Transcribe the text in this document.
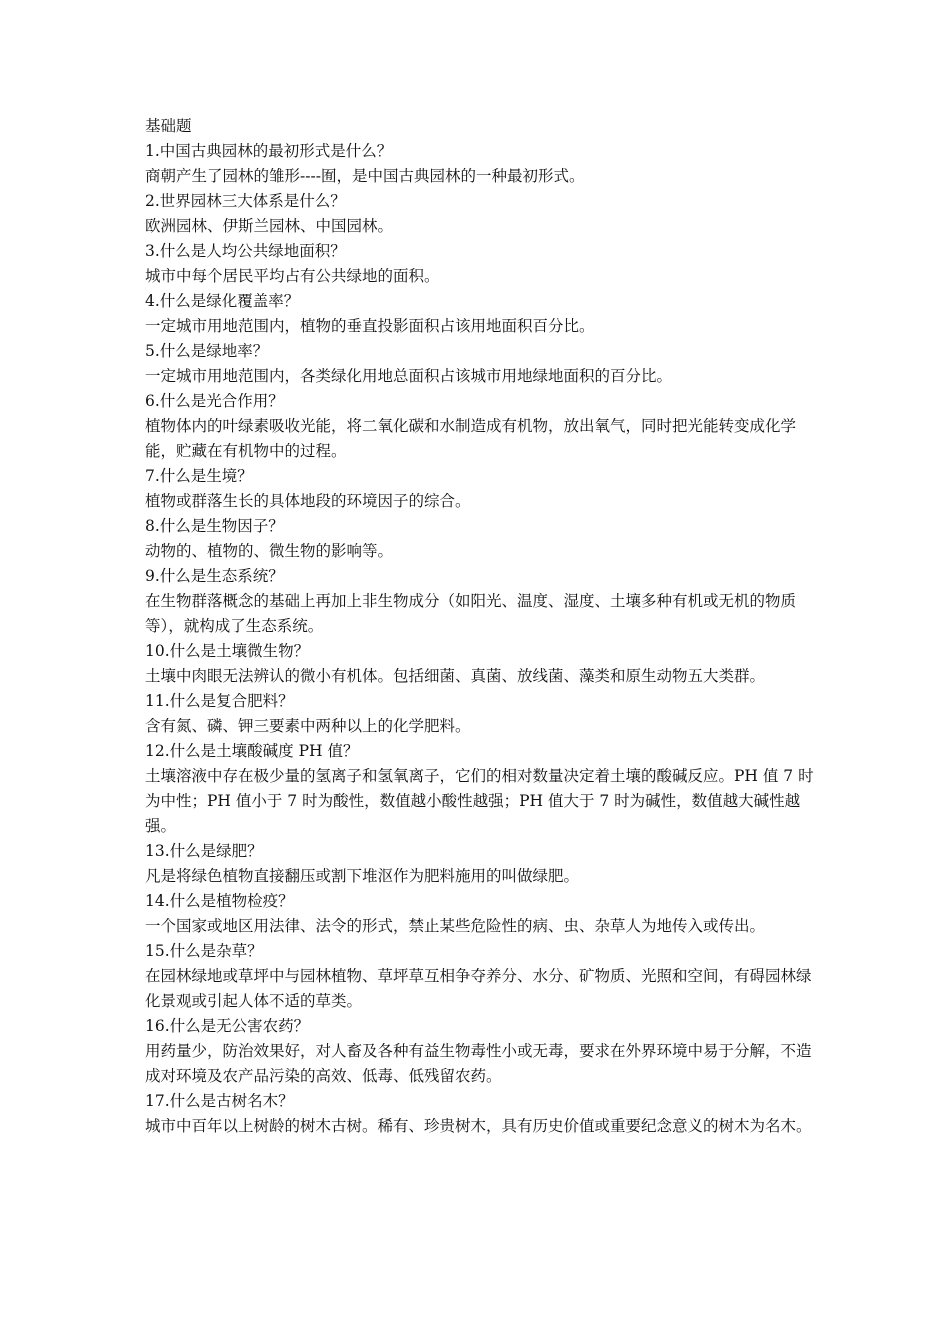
基础题
1.中国古典园林的最初形式是什么？
商朝产生了园林的雏形----囿，是中国古典园林的一种最初形式。
2.世界园林三大体系是什么？
欧洲园林、伊斯兰园林、中国园林。
3.什么是人均公共绿地面积？
城市中每个居民平均占有公共绿地的面积。
4.什么是绿化覆盖率？
一定城市用地范围内，植物的垂直投影面积占该用地面积百分比。
5.什么是绿地率？
一定城市用地范围内，各类绿化用地总面积占该城市用地绿地面积的百分比。
6.什么是光合作用？
植物体内的叶绿素吸收光能，将二氧化碳和水制造成有机物，放出氧气，同时把光能转变成化学能，贮藏在有机物中的过程。
7.什么是生境？
植物或群落生长的具体地段的环境因子的综合。
8.什么是生物因子？
动物的、植物的、微生物的影响等。
9.什么是生态系统？
在生物群落概念的基础上再加上非生物成分（如阳光、温度、湿度、土壤多种有机或无机的物质等），就构成了生态系统。
10.什么是土壤微生物？
土壤中肉眼无法辨认的微小有机体。包括细菌、真菌、放线菌、藻类和原生动物五大类群。
11.什么是复合肥料？
含有氮、磷、钾三要素中两种以上的化学肥料。
12.什么是土壤酸碱度 PH 值？
土壤溶液中存在极少量的氢离子和氢氧离子，它们的相对数量决定着土壤的酸碱反应。PH 值 7 时为中性；PH 值小于 7 时为酸性，数值越小酸性越强；PH 值大于 7 时为碱性，数值越大碱性越强。
13.什么是绿肥？
凡是将绿色植物直接翻压或割下堆沤作为肥料施用的叫做绿肥。
14.什么是植物检疫？
一个国家或地区用法律、法令的形式，禁止某些危险性的病、虫、杂草人为地传入或传出。
15.什么是杂草？
在园林绿地或草坪中与园林植物、草坪草互相争夺养分、水分、矿物质、光照和空间，有碍园林绿化景观或引起人体不适的草类。
16.什么是无公害农药？
用药量少，防治效果好，对人畜及各种有益生物毒性小或无毒，要求在外界环境中易于分解，不造成对环境及农产品污染的高效、低毒、低残留农药。
17.什么是古树名木？
城市中百年以上树龄的树木古树。稀有、珍贵树木，具有历史价值或重要纪念意义的树木为名木。
